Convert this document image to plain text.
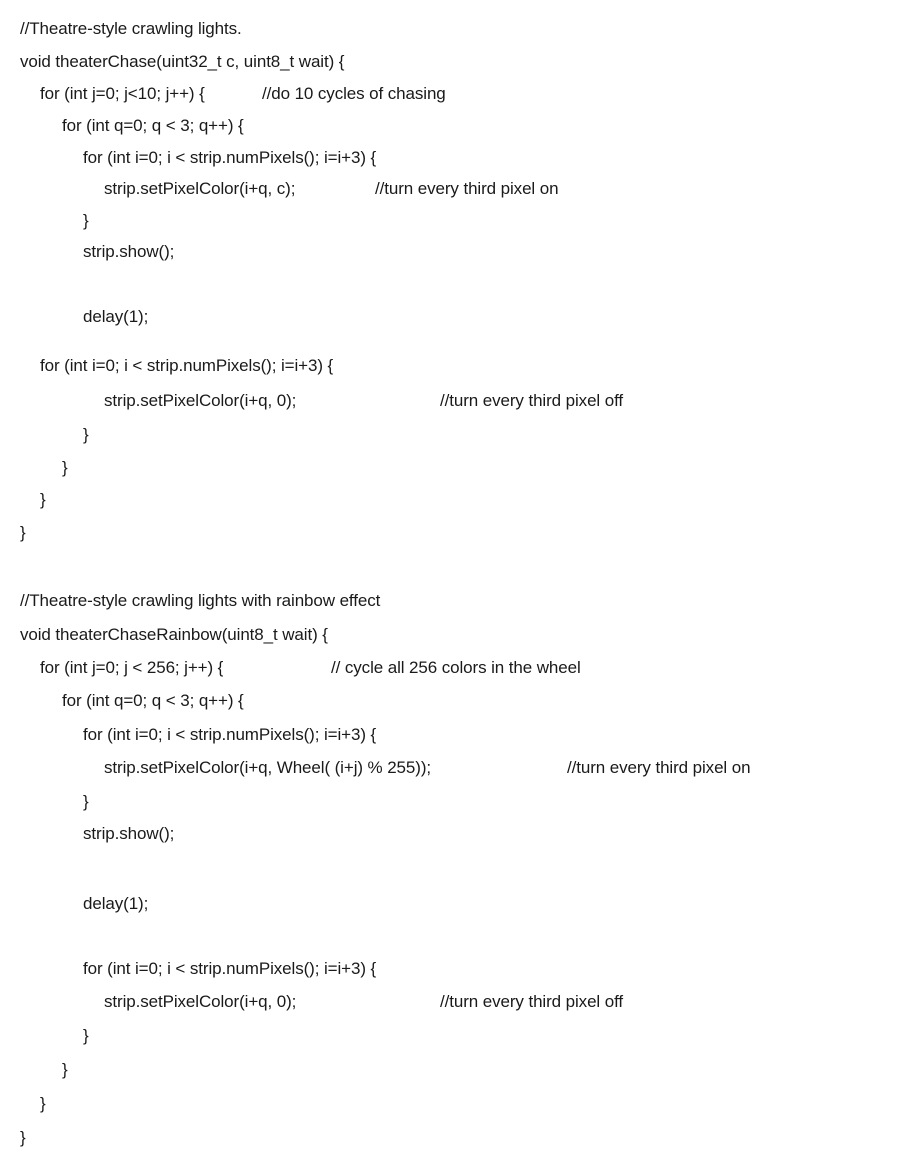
//Theatre-style crawling lights.

void theaterChase(uint32_t c, uint8_t wait) {

for (int j=0; j<10; j++) {	//do 10 cycles of chasing

for (int q=0; q < 3; q++) {

for (int i=0; i < strip.numPixels(); i=i+3) {

strip.setPixelColor(i+q, c);	//turn every third pixel on

}

strip.show();

delay(1);

for (int i=0; i < strip.numPixels(); i=i+3) {

strip.setPixelColor(i+q, 0);	//turn every third pixel off

}

}

}

}

//Theatre-style crawling lights with rainbow effect

void theaterChaseRainbow(uint8_t wait) {

for (int j=0; j < 256; j++) {	// cycle all 256 colors in the wheel

for (int q=0; q < 3; q++) {

for (int i=0; i < strip.numPixels(); i=i+3) {

strip.setPixelColor(i+q, Wheel( (i+j) % 255));	//turn every third pixel on

}

strip.show();

delay(1);

for (int i=0; i < strip.numPixels(); i=i+3) {

strip.setPixelColor(i+q, 0);	//turn every third pixel off

}

}

}

}
